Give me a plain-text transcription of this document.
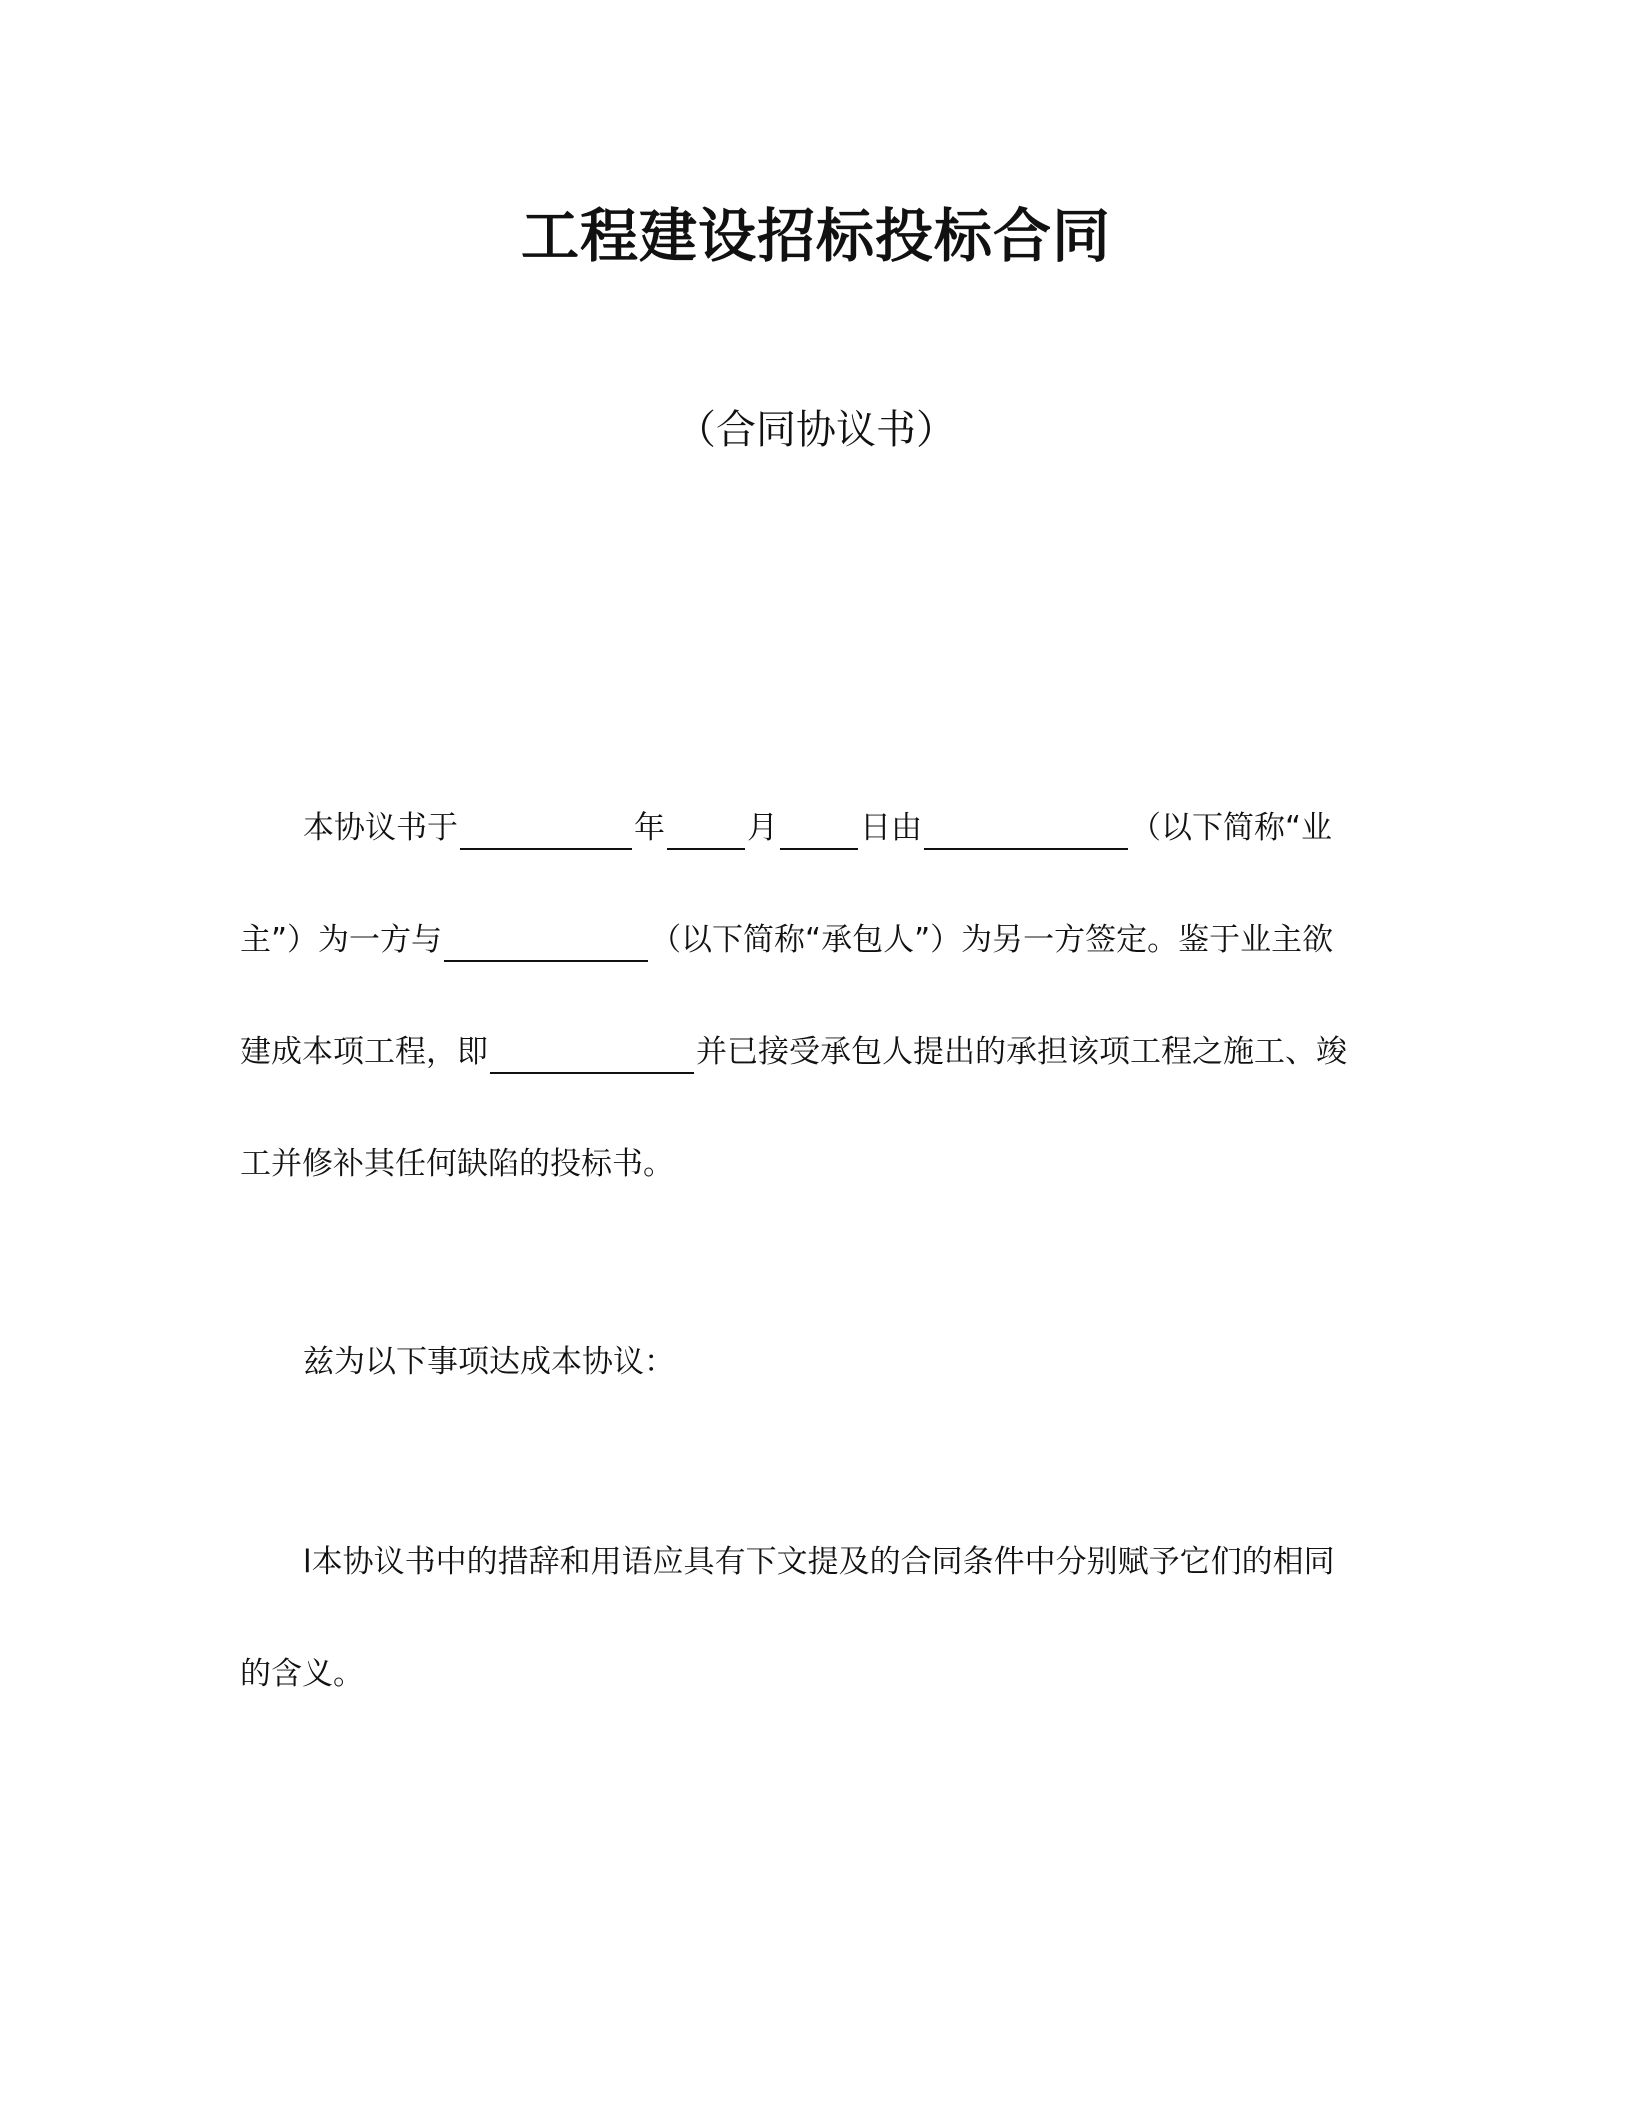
工程建设招标投标合同
（合同协议书）
本协议书于	年	月	日由	（以下简称“业
主”）为一方与	（以下简称“承包人”）为另一方签定。鉴于业主欲
建成本项工程，即	并已接受承包人提出的承担该项工程之施工、竣
工并修补其任何缺陷的投标书。
兹为以下事项达成本协议：
l本协议书中的措辞和用语应具有下文提及的合同条件中分别赋予它们的相同
的含义。
